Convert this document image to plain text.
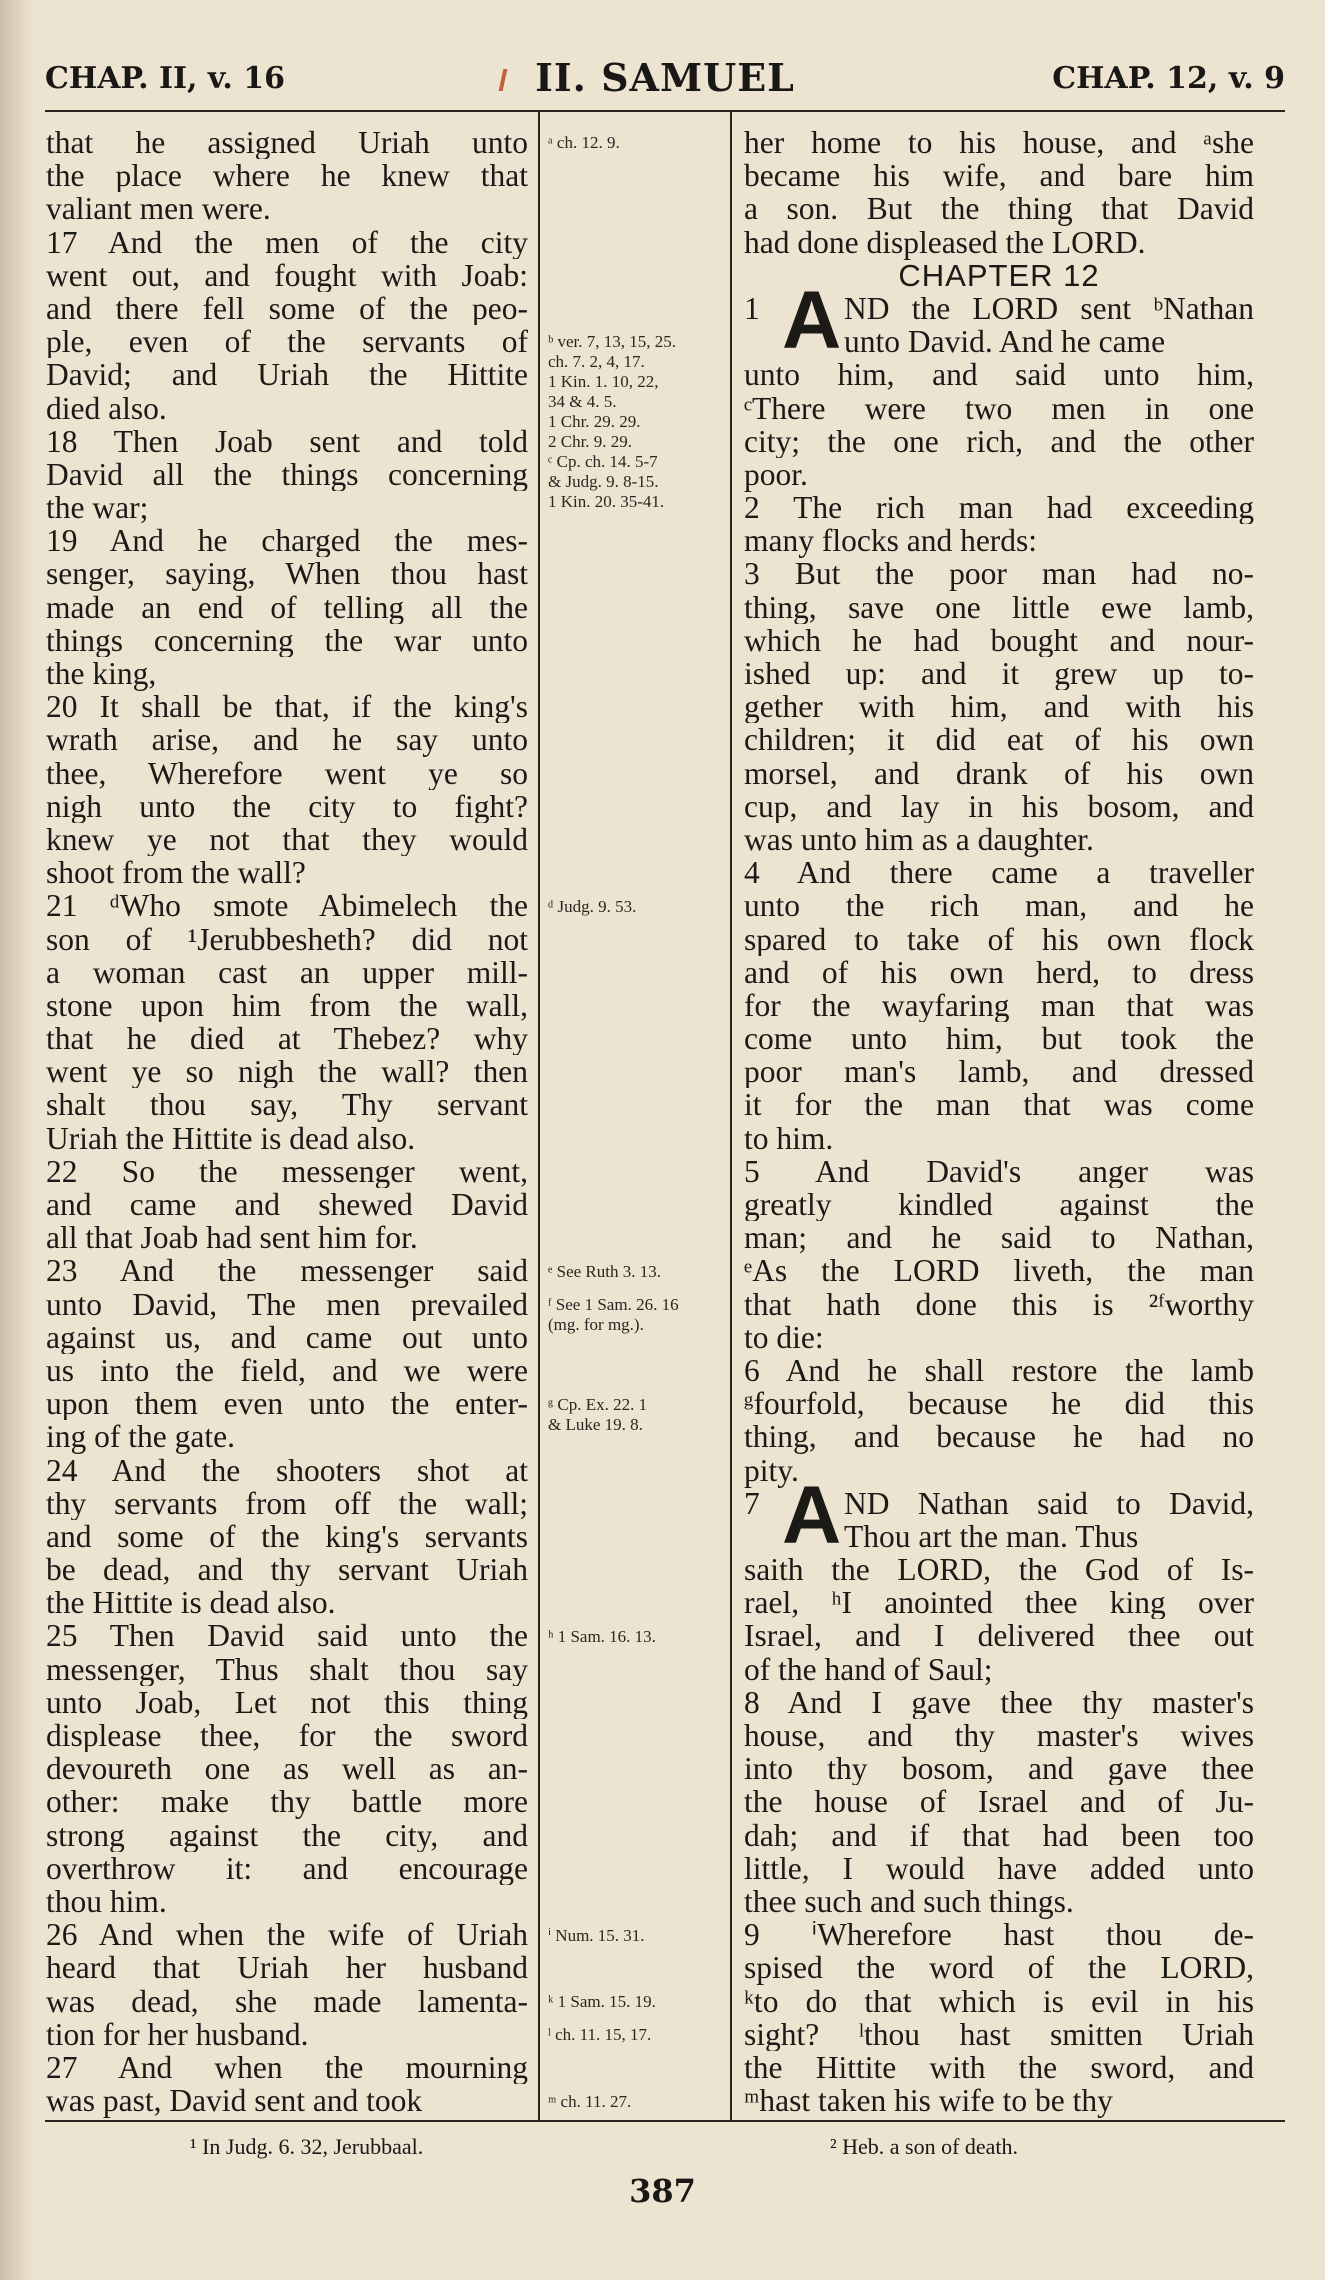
CHAP. II, v. 16	II. SAMUEL	CHAP. 12, v. 9
that he assigned Uriah unto
the place where he knew that
valiant men were.
17 And the men of the city
went out, and fought with Joab:
and there fell some of the peo-
ple, even of the servants of
David; and Uriah the Hittite
died also.
18 Then Joab sent and told
David all the things concerning
the war;
19 And he charged the mes-
senger, saying, When thou hast
made an end of telling all the
things concerning the war unto
the king,
20 It shall be that, if the king's
wrath arise, and he say unto
thee, Wherefore went ye so
nigh unto the city to fight?
knew ye not that they would
shoot from the wall?
21 ᵈWho smote Abimelech the
son of ¹Jerubbesheth? did not
a woman cast an upper mill-
stone upon him from the wall,
that he died at Thebez? why
went ye so nigh the wall? then
shalt thou say, Thy servant
Uriah the Hittite is dead also.
22 So the messenger went,
and came and shewed David
all that Joab had sent him for.
23 And the messenger said
unto David, The men prevailed
against us, and came out unto
us into the field, and we were
upon them even unto the enter-
ing of the gate.
24 And the shooters shot at
thy servants from off the wall;
and some of the king's servants
be dead, and thy servant Uriah
the Hittite is dead also.
25 Then David said unto the
messenger, Thus shalt thou say
unto Joab, Let not this thing
displease thee, for the sword
devoureth one as well as an-
other: make thy battle more
strong against the city, and
overthrow it: and encourage
thou him.
26 And when the wife of Uriah
heard that Uriah her husband
was dead, she made lamenta-
tion for her husband.
27 And when the mourning
was past, David sent and took
ᵃ ch. 12. 9.
ᵇ ver. 7, 13, 15, 25.
ch. 7. 2, 4, 17.
1 Kin. 1. 10, 22,
34 & 4. 5.
1 Chr. 29. 29.
2 Chr. 9. 29.
ᶜ Cp. ch. 14. 5-7
& Judg. 9. 8-15.
1 Kin. 20. 35-41.
ᵈ Judg. 9. 53.
ᵉ See Ruth 3. 13.
ᶠ See 1 Sam. 26. 16
(mg. for mg.).
ᵍ Cp. Ex. 22. 1
& Luke 19. 8.
ʰ 1 Sam. 16. 13.
ⁱ Num. 15. 31.
ᵏ 1 Sam. 15. 19.
ˡ ch. 11. 15, 17.
ᵐ ch. 11. 27.
her home to his house, and ᵃshe
became his wife, and bare him
a son. But the thing that David
had done displeased the LORD.
CHAPTER 12
1 A ND the LORD sent ᵇNathan
unto David. And he came
unto him, and said unto him,
ᶜThere were two men in one
city; the one rich, and the other
poor.
2 The rich man had exceeding
many flocks and herds:
3 But the poor man had no-
thing, save one little ewe lamb,
which he had bought and nour-
ished up: and it grew up to-
gether with him, and with his
children; it did eat of his own
morsel, and drank of his own
cup, and lay in his bosom, and
was unto him as a daughter.
4 And there came a traveller
unto the rich man, and he
spared to take of his own flock
and of his own herd, to dress
for the wayfaring man that was
come unto him, but took the
poor man's lamb, and dressed
it for the man that was come
to him.
5 And David's anger was
greatly kindled against the
man; and he said to Nathan,
ᵉAs the LORD liveth, the man
that hath done this is ²ᶠworthy
to die:
6 And he shall restore the lamb
ᵍfourfold, because he did this
thing, and because he had no
pity.
7 A ND Nathan said to David,
Thou art the man. Thus
saith the LORD, the God of Is-
rael, ʰI anointed thee king over
Israel, and I delivered thee out
of the hand of Saul;
8 And I gave thee thy master's
house, and thy master's wives
into thy bosom, and gave thee
the house of Israel and of Ju-
dah; and if that had been too
little, I would have added unto
thee such and such things.
9 ⁱWherefore hast thou de-
spised the word of the LORD,
ᵏto do that which is evil in his
sight? ˡthou hast smitten Uriah
the Hittite with the sword, and
ᵐhast taken his wife to be thy
¹ In Judg. 6. 32, Jerubbaal.	² Heb. a son of death.
387
